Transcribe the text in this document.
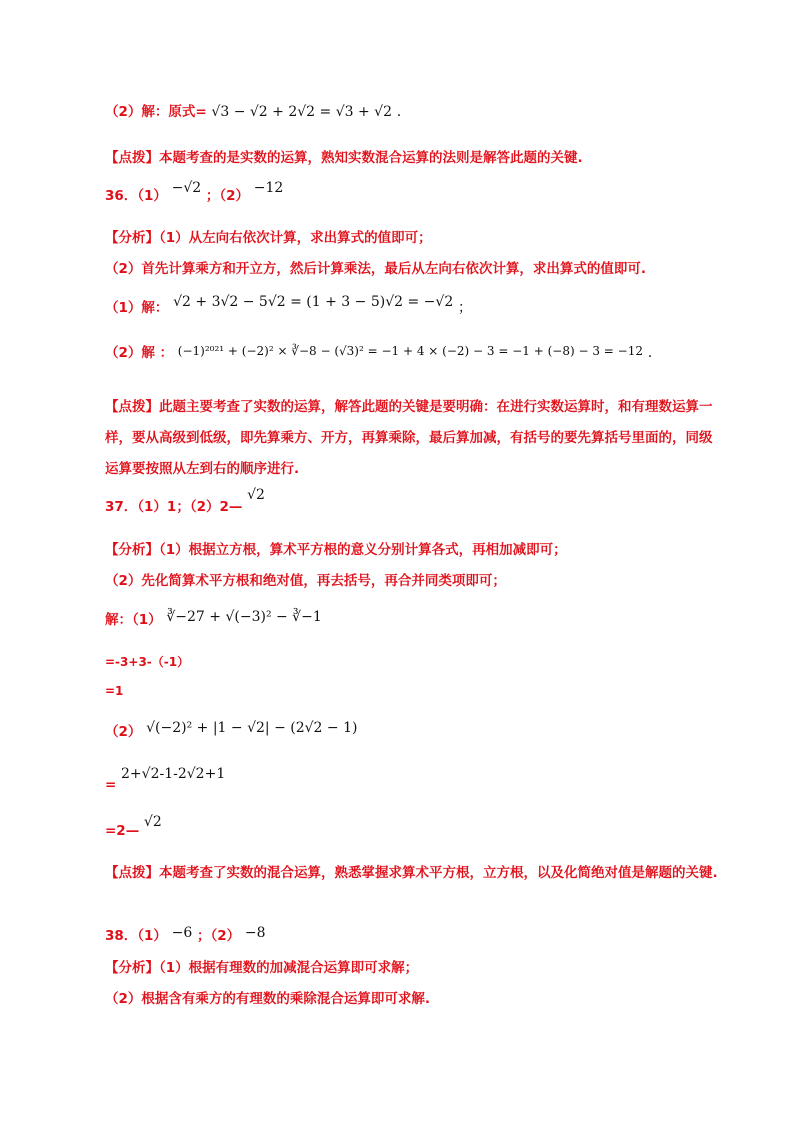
（2）解：原式= √3 − √2 + 2√2 = √3 + √2 .
【点拨】本题考查的是实数的运算，熟知实数混合运算的法则是解答此题的关键.
36．（1） −√2 ；（2） −12
【分析】（1）从左向右依次计算，求出算式的值即可；
（2）首先计算乘方和开立方，然后计算乘法，最后从左向右依次计算，求出算式的值即可.
（1）解： √2 + 3√2 − 5√2 = (1 + 3 − 5)√2 = −√2 ；
（2）解 ： (−1)²⁰²¹ + (−2)² × ∛−8 − (√3)² = −1 + 4 × (−2) − 3 = −1 + (−8) − 3 = −12 .
【点拨】此题主要考查了实数的运算，解答此题的关键是要明确：在进行实数运算时，和有理数运算一样，要从高级到低级，即先算乘方、开方，再算乘除，最后算加减，有括号的要先算括号里面的，同级运算要按照从左到右的顺序进行.
37．（1）1；（2）2— √2
【分析】（1）根据立方根，算术平方根的意义分别计算各式，再相加减即可；
（2）先化简算术平方根和绝对值，再去括号，再合并同类项即可；
解：（1） ∛−27 + √(−3)² − ∛−1
=-3+3-（-1）
=1
（2） √(−2)² + |1 − √2| − (2√2 − 1)
= 2+√2-1-2√2+1
=2— √2
【点拨】本题考查了实数的混合运算，熟悉掌握求算术平方根，立方根，以及化简绝对值是解题的关键.
38．（1） −6 ；（2） −8
【分析】（1）根据有理数的加减混合运算即可求解；
（2）根据含有乘方的有理数的乘除混合运算即可求解.
